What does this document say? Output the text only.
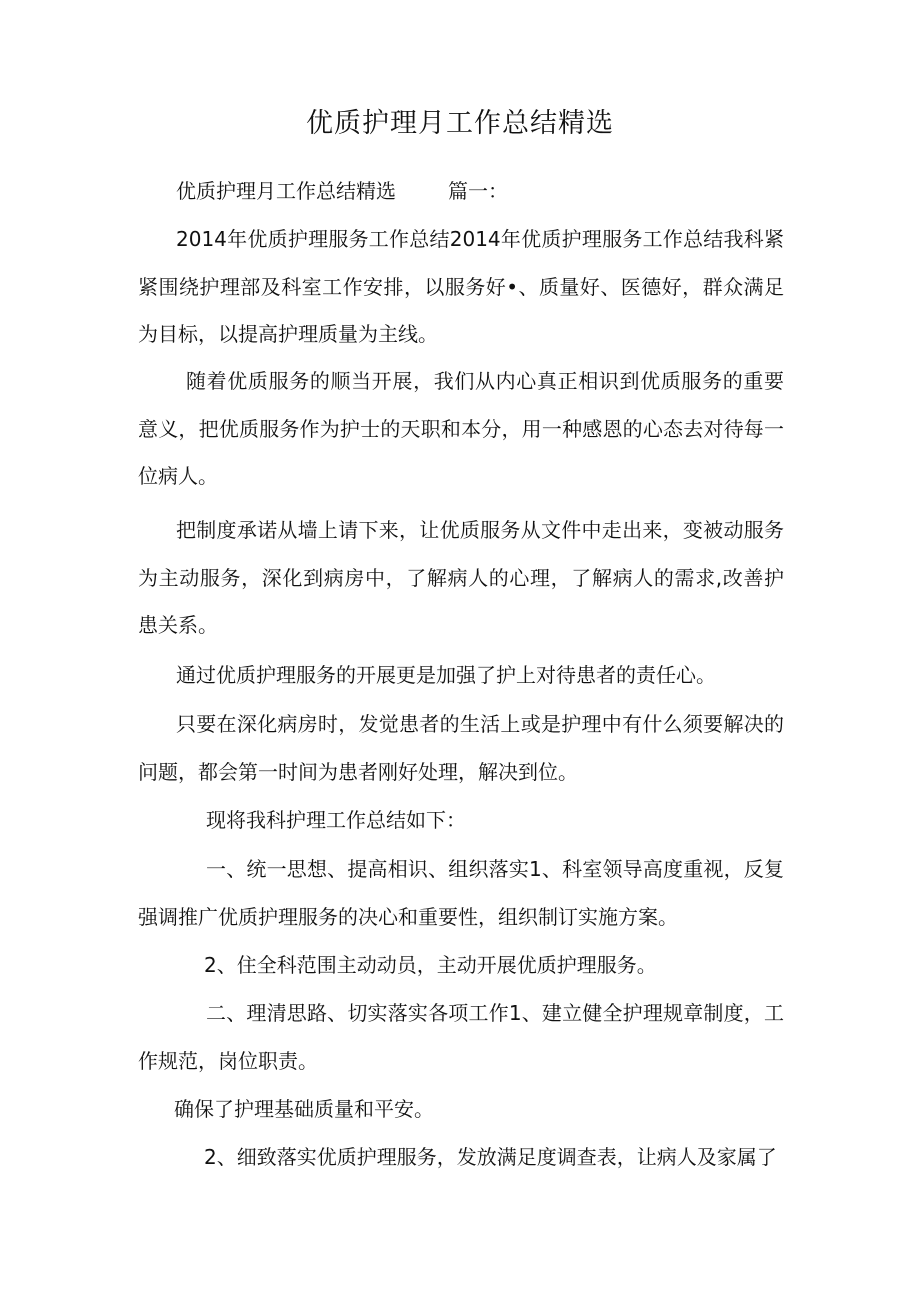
优质护理月工作总结精选
优质护理月工作总结精选	篇一：
2014年优质护理服务工作总结2014年优质护理服务工作总结我科紧紧围绕护理部及科室工作安排，以服务好•、质量好、医德好，群众满足为目标，以提高护理质量为主线。
随着优质服务的顺当开展，我们从内心真正相识到优质服务的重要意义，把优质服务作为护士的天职和本分，用一种感恩的心态去对待每一位病人。
把制度承诺从墙上请下来，让优质服务从文件中走出来，变被动服务为主动服务，深化到病房中，了解病人的心理，了解病人的需求,改善护患关系。
通过优质护理服务的开展更是加强了护上对待患者的责任心。
只要在深化病房时，发觉患者的生活上或是护理中有什么须要解决的问题，都会第一时间为患者刚好处理，解决到位。
现将我科护理工作总结如下：
一、统一思想、提高相识、组织落实1、科室领导高度重视，反复强调推广优质护理服务的决心和重要性，组织制订实施方案。
2、住全科范围主动动员，主动开展优质护理服务。
二、理清思路、切实落实各项工作1、建立健全护理规章制度，工作规范，岗位职责。
确保了护理基础质量和平安。
2、细致落实优质护理服务，发放满足度调查表，让病人及家属了
